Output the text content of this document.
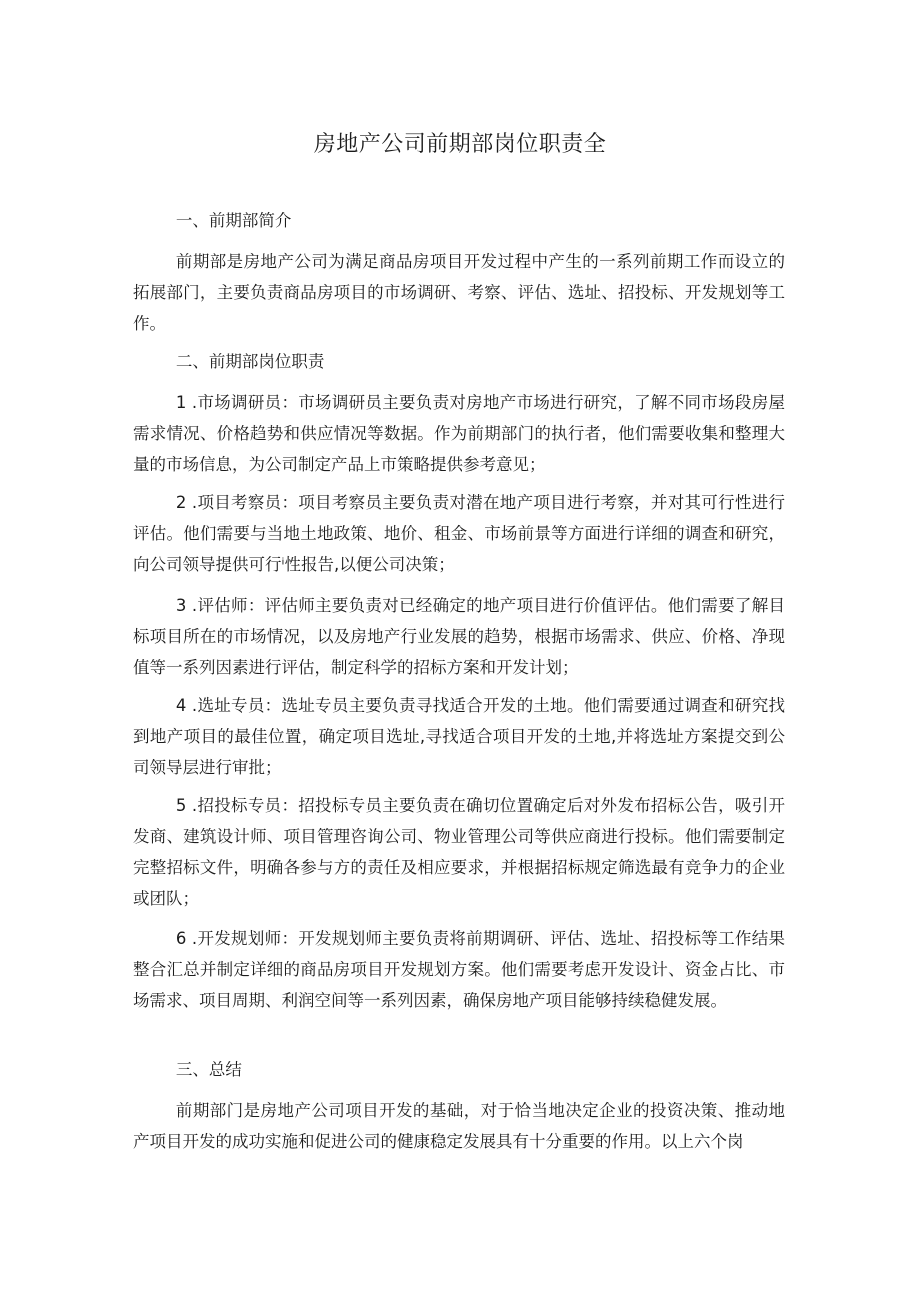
房地产公司前期部岗位职责全

一、前期部简介

前期部是房地产公司为满足商品房项目开发过程中产生的一系列前期工作而设立的拓展部门，主要负责商品房项目的市场调研、考察、评估、选址、招投标、开发规划等工作。

二、前期部岗位职责

1 .市场调研员：市场调研员主要负责对房地产市场进行研究，了解不同市场段房屋需求情况、价格趋势和供应情况等数据。作为前期部门的执行者，他们需要收集和整理大量的市场信息，为公司制定产品上市策略提供参考意见；

2 .项目考察员：项目考察员主要负责对潜在地产项目进行考察，并对其可行性进行评估。他们需要与当地土地政策、地价、租金、市场前景等方面进行详细的调查和研究，向公司领导提供可行ⁱ性报告,以便公司决策；

3 .评估师：评估师主要负责对已经确定的地产项目进行价值评估。他们需要了解目标项目所在的市场情况，以及房地产行业发展的趋势，根据市场需求、供应、价格、净现值等一系列因素进行评估，制定科学的招标方案和开发计划；

4 .选址专员：选址专员主要负责寻找适合开发的土地。他们需要通过调查和研究找到地产项目的最佳位置，确定项目选址,寻找适合项目开发的土地,并将选址方案提交到公司领导层进行审批；

5 .招投标专员：招投标专员主要负责在确切位置确定后对外发布招标公告，吸引开发商、建筑设计师、项目管理咨询公司、物业管理公司等供应商进行投标。他们需要制定完整招标文件，明确各参与方的责任及相应要求，并根据招标规定筛选最有竞争力的企业或团队；

6 .开发规划师：开发规划师主要负责将前期调研、评估、选址、招投标等工作结果整合汇总并制定详细的商品房项目开发规划方案。他们需要考虑开发设计、资金占比、市场需求、项目周期、利润空间等一系列因素，确保房地产项目能够持续稳健发展。

三、总结

前期部门是房地产公司项目开发的基础，对于恰当地决定企业的投资决策、推动地产项目开发的成功实施和促进公司的健康稳定发展具有十分重要的作用。以上六个岗
